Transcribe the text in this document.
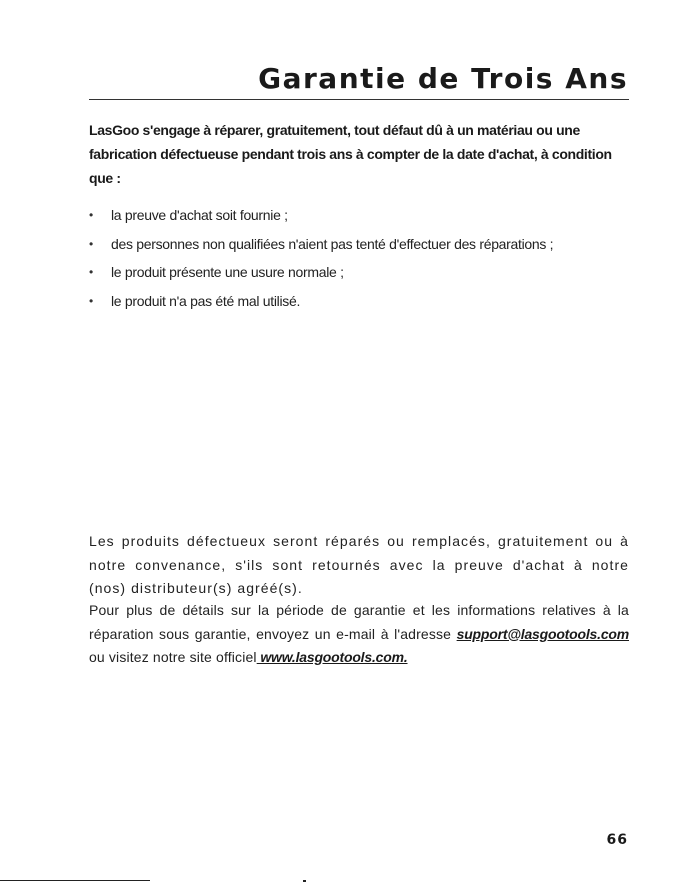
Garantie de Trois Ans

LasGoo s'engage à réparer, gratuitement, tout défaut dû à un matériau ou une fabrication défectueuse pendant trois ans à compter de la date d'achat, à condition que :

• la preuve d'achat soit fournie ;
• des personnes non qualifiées n'aient pas tenté d'effectuer des réparations ;
• le produit présente une usure normale ;
• le produit n'a pas été mal utilisé.

Les produits défectueux seront réparés ou remplacés, gratuitement ou à notre convenance, s'ils sont retournés avec la preuve d'achat à notre (nos) distributeur(s) agréé(s).

Pour plus de détails sur la période de garantie et les informations relatives à la réparation sous garantie, envoyez un e-mail à l'adresse support@lasgootools.com ou visitez notre site officiel www.lasgootools.com.

66
